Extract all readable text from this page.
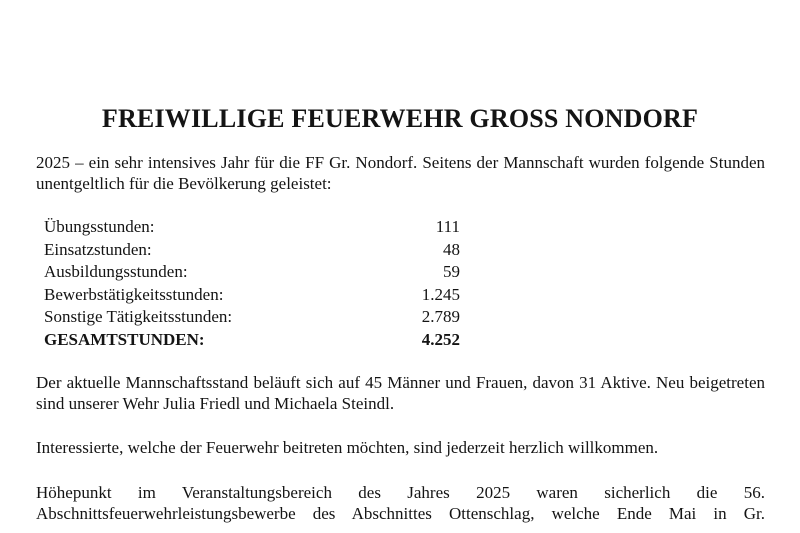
FREIWILLIGE FEUERWEHR GROSS NONDORF

2025 – ein sehr intensives Jahr für die FF Gr. Nondorf. Seitens der Mannschaft wurden folgende Stunden unentgeltlich für die Bevölkerung geleistet:

Übungsstunden:	111
Einsatzstunden:	48
Ausbildungsstunden:	59
Bewerbstätigkeitsstunden:	1.245
Sonstige Tätigkeitsstunden:	2.789
GESAMTSTUNDEN:	4.252

Der aktuelle Mannschaftsstand beläuft sich auf 45 Männer und Frauen, davon 31 Aktive. Neu beigetreten sind unserer Wehr Julia Friedl und Michaela Steindl.

Interessierte, welche der Feuerwehr beitreten möchten, sind jederzeit herzlich willkommen.

Höhepunkt im Veranstaltungsbereich des Jahres 2025 waren sicherlich die 56. Abschnittsfeuerwehrleistungsbewerbe des Abschnittes Ottenschlag, welche Ende Mai in Gr.
